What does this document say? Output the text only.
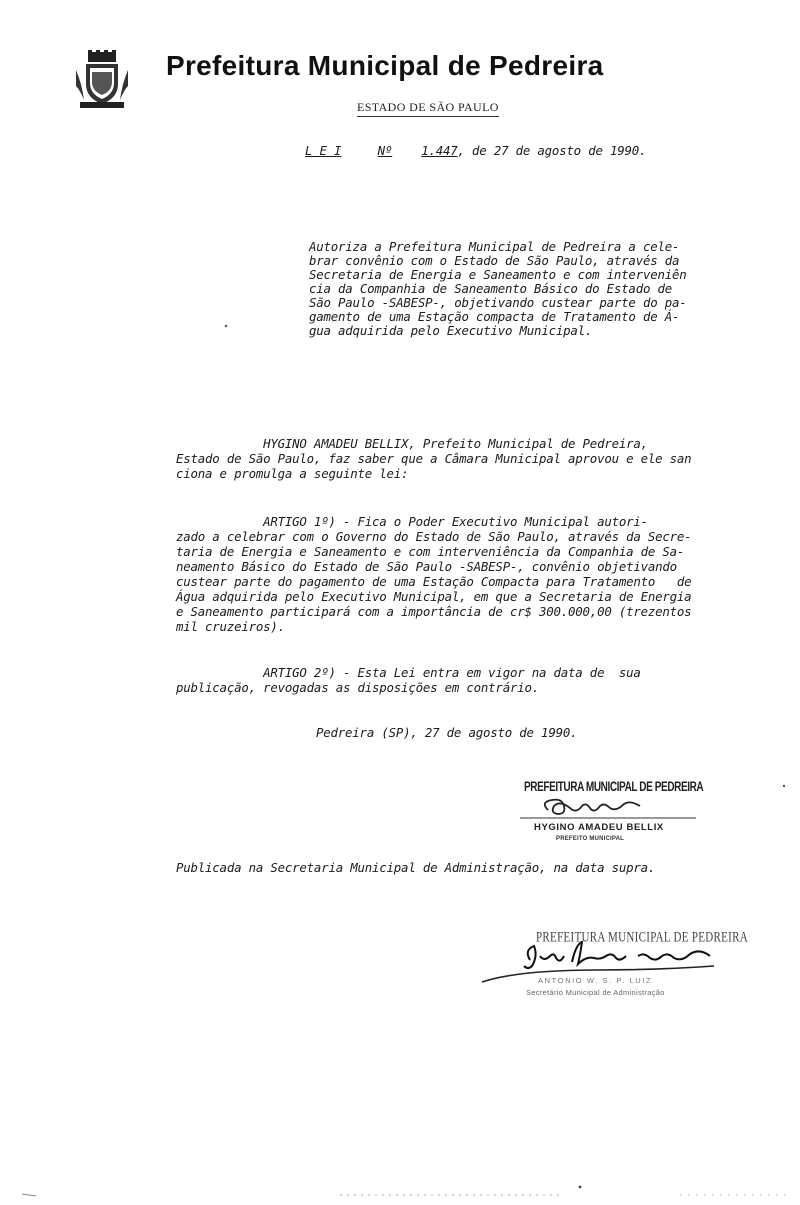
Prefeitura Municipal de Pedreira
ESTADO DE SÃO PAULO
L E I	Nº 1.447, de 27 de agosto de 1990.
Autoriza a Prefeitura Municipal de Pedreira a cele-
brar convênio com o Estado de São Paulo, através da
Secretaria de Energia e Saneamento e com interveniên
cia da Companhia de Saneamento Básico do Estado de
São Paulo -SABESP-, objetivando custear parte do pa-
gamento de uma Estação compacta de Tratamento de Á-
gua adquirida pelo Executivo Municipal.
HYGINO AMADEU BELLIX, Prefeito Municipal de Pedreira,
Estado de São Paulo, faz saber que a Câmara Municipal aprovou e ele san
ciona e promulga a seguinte lei:
ARTIGO 1º) - Fica o Poder Executivo Municipal autori-
zado a celebrar com o Governo do Estado de São Paulo, através da Secre-
taria de Energia e Saneamento e com interveniência da Companhia de Sa-
neamento Básico do Estado de São Paulo -SABESP-, convênio objetivando
custear parte do pagamento de uma Estação Compacta para Tratamento   de
Água adquirida pelo Executivo Municipal, em que a Secretaria de Energia
e Saneamento participará com a importância de cr$ 300.000,00 (trezentos
mil cruzeiros).
ARTIGO 2º) - Esta Lei entra em vigor na data de  sua
publicação, revogadas as disposições em contrário.
Pedreira (SP), 27 de agosto de 1990.
PREFEITURA MUNICIPAL DE PEDREIRA
HYGINO AMADEU BELLIX
PREFEITO MUNICIPAL
Publicada na Secretaria Municipal de Administração, na data supra.
PREFEITURA MUNICIPAL DE PEDREIRA
ANTONIO W. S. P. LUIZ
Secretário Municipal de Administração
